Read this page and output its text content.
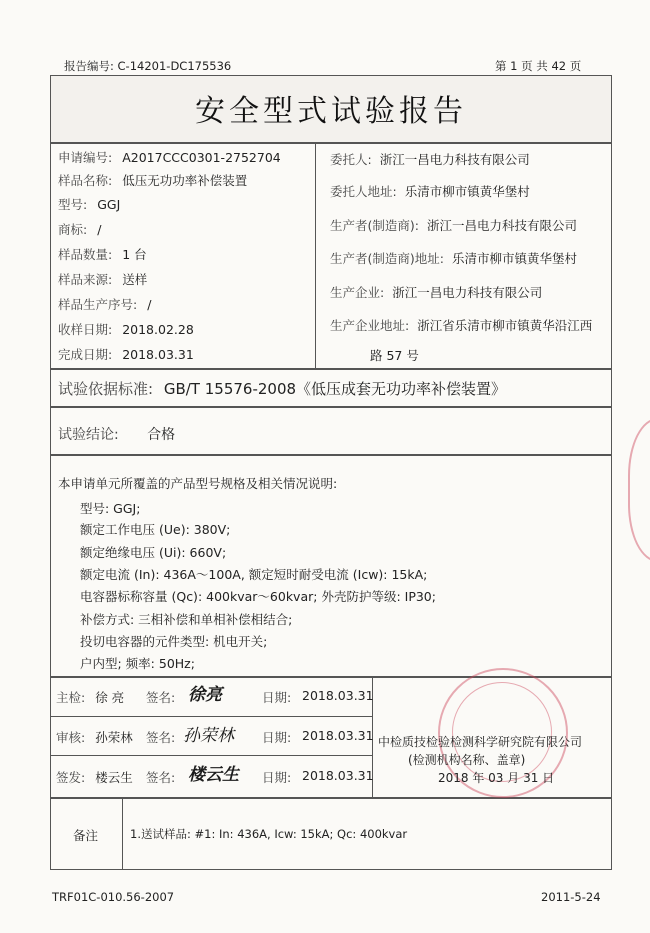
报告编号: C-14201-DC175536	第 1 页 共 42 页
安全型式试验报告
申请编号: A2017CCC0301-2752704
样品名称: 低压无功功率补偿装置
型号: GGJ
商标: /
样品数量: 1 台
样品来源: 送样
样品生产序号: /
收样日期: 2018.02.28
完成日期: 2018.03.31
委托人: 浙江一昌电力科技有限公司
委托人地址: 乐清市柳市镇黄华堡村
生产者(制造商): 浙江一昌电力科技有限公司
生产者(制造商)地址: 乐清市柳市镇黄华堡村
生产企业: 浙江一昌电力科技有限公司
生产企业地址: 浙江省乐清市柳市镇黄华沿江西
路 57 号
试验依据标准: GB/T 15576-2008《低压成套无功功率补偿装置》
试验结论: 合格
本申请单元所覆盖的产品型号规格及相关情况说明:
型号: GGJ;
额定工作电压 (Ue): 380V;
额定绝缘电压 (Ui): 660V;
额定电流 (In): 436A～100A, 额定短时耐受电流 (Icw): 15kA;
电容器标称容量 (Qc): 400kvar～60kvar; 外壳防护等级: IP30;
补偿方式: 三相补偿和单相补偿相结合;
投切电容器的元件类型: 机电开关;
户内型; 频率: 50Hz;
主检: 徐 亮 签名: 徐亮	日期: 2018.03.31
审核: 孙荣林 签名: 孙荣林 日期: 2018.03.31
签发: 楼云生 签名: 楼云生 日期: 2018.03.31
中检质技检验检测科学研究院有限公司
(检测机构名称、盖章)
2018 年 03 月 31 日
备注	1.送试样品: #1: In: 436A, Icw: 15kA; Qc: 400kvar
TRF01C-010.56-2007	2011-5-24
